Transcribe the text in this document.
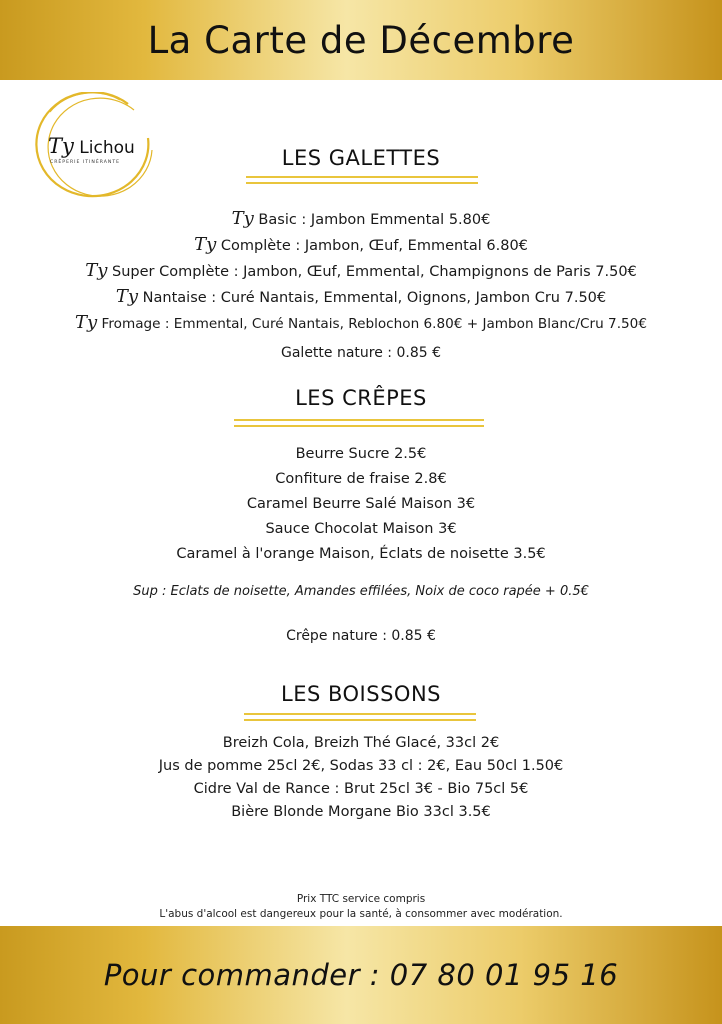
La Carte de Décembre
Ty Lichou
CRÊPERIE ITINÉRANTE	LES GALETTES
Ty Basic : Jambon Emmental 5.80€
Ty Complète : Jambon, Œuf, Emmental 6.80€
Ty Super Complète : Jambon, Œuf, Emmental, Champignons de Paris 7.50€
Ty Nantaise : Curé Nantais, Emmental, Oignons, Jambon Cru 7.50€
Ty Fromage : Emmental, Curé Nantais, Reblochon 6.80€ + Jambon Blanc/Cru 7.50€
Galette nature : 0.85 €
LES CRÊPES
Beurre Sucre 2.5€
Confiture de fraise 2.8€
Caramel Beurre Salé Maison 3€
Sauce Chocolat Maison 3€
Caramel à l'orange Maison, Éclats de noisette 3.5€
Sup : Eclats de noisette, Amandes effilées, Noix de coco rapée + 0.5€
Crêpe nature : 0.85 €
LES BOISSONS
Breizh Cola, Breizh Thé Glacé, 33cl 2€
Jus de pomme 25cl 2€, Sodas 33 cl : 2€, Eau 50cl 1.50€
Cidre Val de Rance : Brut 25cl 3€ - Bio 75cl 5€
Bière Blonde Morgane Bio 33cl 3.5€
Prix TTC service compris
L'abus d'alcool est dangereux pour la santé, à consommer avec modération.
Pour commander : 07 80 01 95 16
